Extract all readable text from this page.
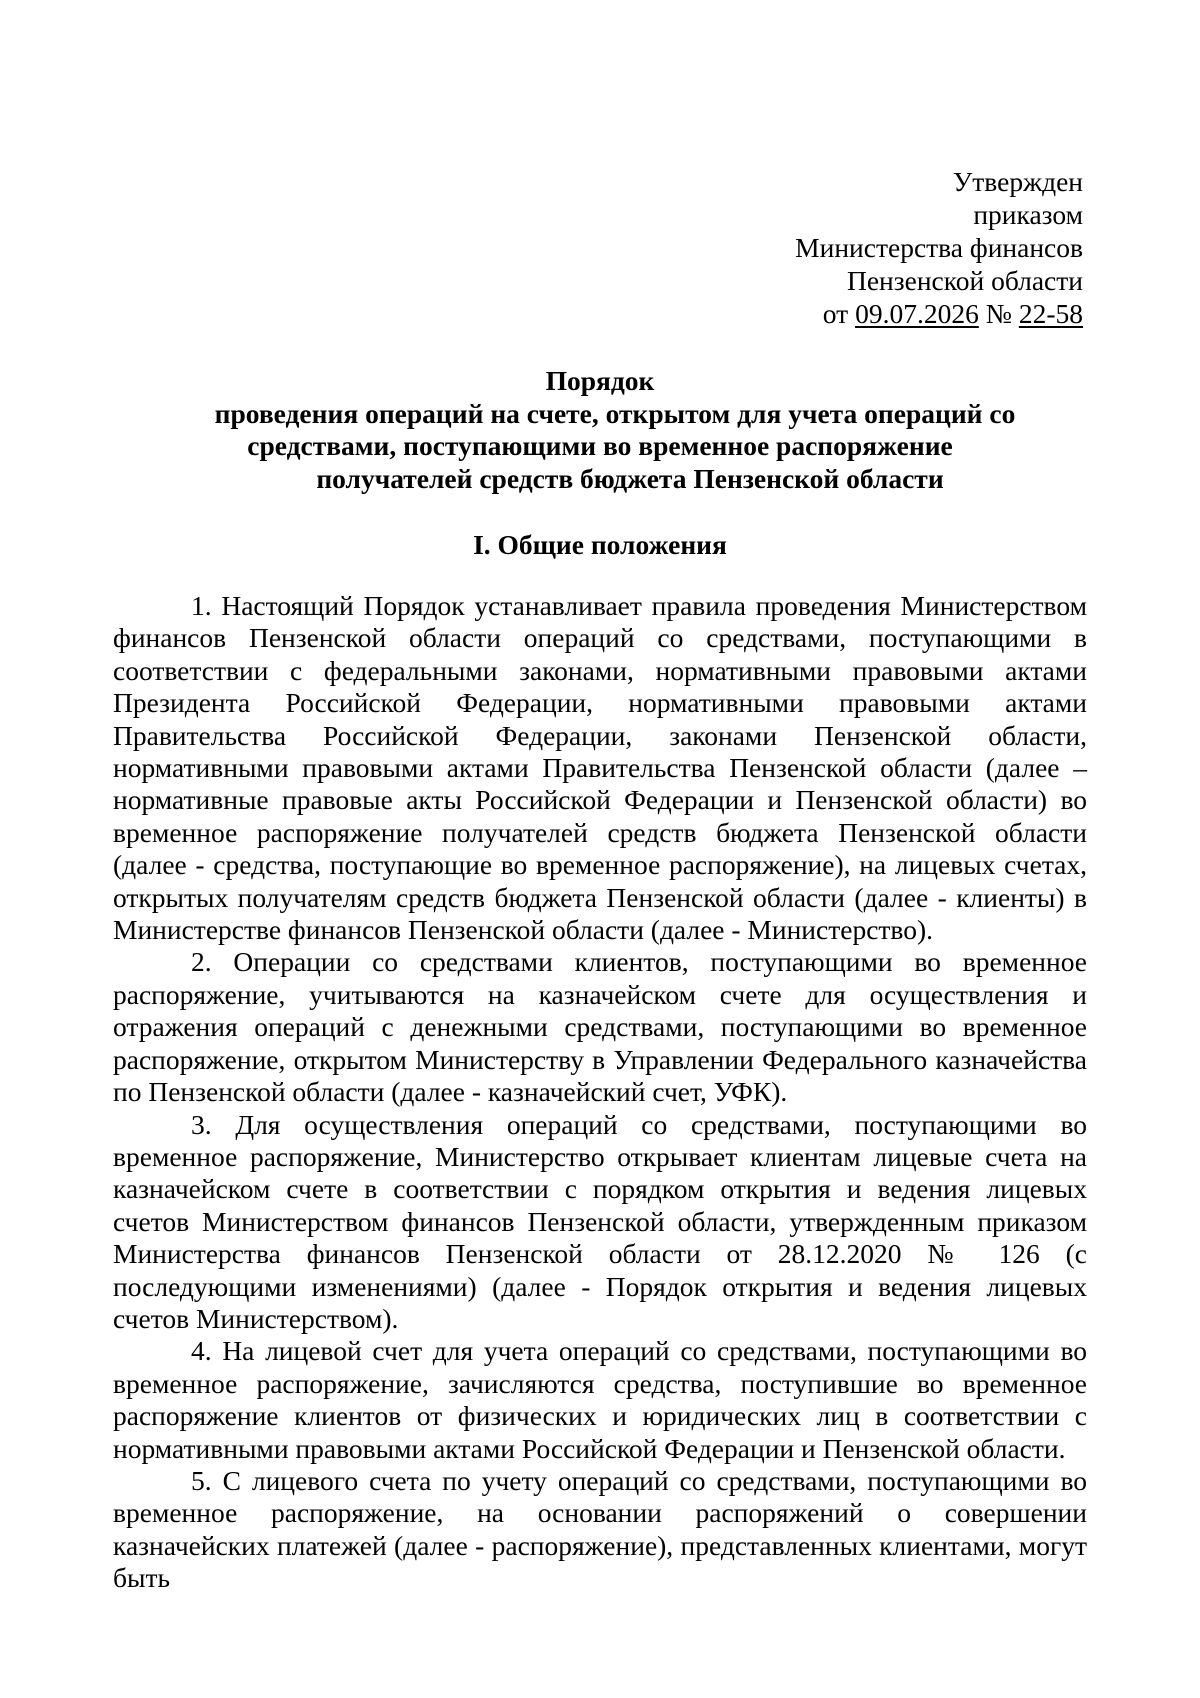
Утвержден
приказом
Министерства финансов
Пензенской области
от 09.07.2026 № 22-58
Порядок
проведения операций на счете, открытом для учета операций со
средствами, поступающими во временное распоряжение
получателей средств бюджета Пензенской области
I. Общие положения

1. Настоящий Порядок устанавливает правила проведения Министерством финансов Пензенской области операций со средствами, поступающими в соответствии с федеральными законами, нормативными правовыми актами Президента Российской Федерации, нормативными правовыми актами Правительства Российской Федерации, законами Пензенской области, нормативными правовыми актами Правительства Пензенской области (далее – нормативные правовые акты Российской Федерации и Пензенской области) во временное распоряжение получателей средств бюджета Пензенской области (далее - средства, поступающие во временное распоряжение), на лицевых счетах, открытых получателям средств бюджета Пензенской области (далее - клиенты) в Министерстве финансов Пензенской области (далее - Министерство).

2. Операции со средствами клиентов, поступающими во временное распоряжение, учитываются на казначейском счете для осуществления и отражения операций с денежными средствами, поступающими во временное распоряжение, открытом Министерству в Управлении Федерального казначейства по Пензенской области (далее - казначейский счет, УФК).

3. Для осуществления операций со средствами, поступающими во временное распоряжение, Министерство открывает клиентам лицевые счета на казначейском счете в соответствии с порядком открытия и ведения лицевых счетов Министерством финансов Пензенской области, утвержденным приказом Министерства финансов Пензенской области от 28.12.2020 № 126 (с последующими изменениями) (далее - Порядок открытия и ведения лицевых счетов Министерством).

4. На лицевой счет для учета операций со средствами, поступающими во временное распоряжение, зачисляются средства, поступившие во временное распоряжение клиентов от физических и юридических лиц в соответствии с нормативными правовыми актами Российской Федерации и Пензенской области.

5. С лицевого счета по учету операций со средствами, поступающими во временное распоряжение, на основании распоряжений о совершении казначейских платежей (далее - распоряжение), представленных клиентами, могут быть
